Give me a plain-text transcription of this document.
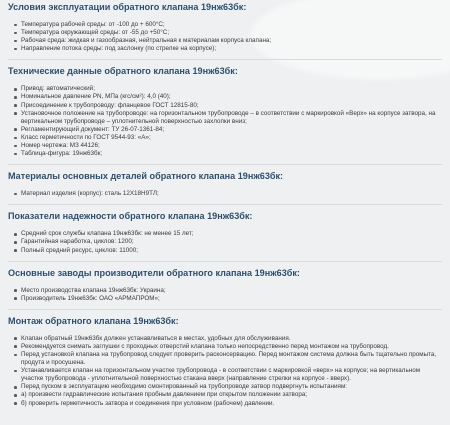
Условия эксплуатации обратного клапана 19нж63бк:
Температура рабочей среды: от -100 до + 600°С;
Температура окружающей среды: от -55 до +50°С;
Рабочая среда: жидкая и газообразная, нейтральная к материалам корпуса клапана;
Направление потока среды: под заслонку (по стрелке на корпусе);
Технические данные обратного клапана 19нж63бк:
Привод: автоматический;
Номинальное давление PN, МПа (кгс/см²): 4,0 (40);
Присоединение к трубопроводу: фланцевое ГОСТ 12815-80;
Установочное положение на трубопроводе: на горизонтальном трубопроводе – в соответствии с маркировкой «Верх» на корпусе затвора, на вертикальном трубопроводе – уплотнительной поверхностью захлопки вниз;
Регламентирующий документ: ТУ 26-07-1361-84;
Класс герметичности по ГОСТ 9544-93: «А»;
Номер чертежа: МЗ 44126;
Таблица-фигура: 19нж63бк;
Материалы основных деталей обратного клапана 19нж63бк:
Материал изделия (корпус): сталь 12Х18Н9ТЛ;
Показатели надежности обратного клапана 19нж63бк:
Средний срок службы клапана 19нж63бк: не менее 15 лет;
Гарантийная наработка, циклов: 1200;
Полный средний ресурс, циклов: 11000;
Основные заводы производители обратного клапана 19нж63бк:
Место производства клапана 19нж63бк: Украина;
Производитель 19нж63бк: ОАО «АРМАПРОМ»;
Монтаж обратного клапана 19нж63бк:
Клапан обратный 19нж63бк должен устанавливаться в местах, удобных для обслуживания.
Рекомендуется снимать заглушки с проходных отверстий клапана только непосредственно перед монтажом на трубопровод.
Перед установкой клапана на трубопровод следует проверить расконсервацию. Перед монтажом система должна быть тщательно промыта, продута и просушена.
Устанавливается клапан на горизонтальном участке трубопровода - в соответствии с маркировкой «верх» на корпусе; на вертикальном участке трубопровода - уплотнительной поверхностью стакана вверх (направление стрелки на корпусе - вверх).
Перед пуском в эксплуатацию необходимо смонтированный на трубопроводе затвор подвергнуть испытаниям:
а) произвести гидравлические испытания пробным давлением при открытом положении затвора;
б) проверить герметичность затвора и соединения при условном (рабочем) давлении.
